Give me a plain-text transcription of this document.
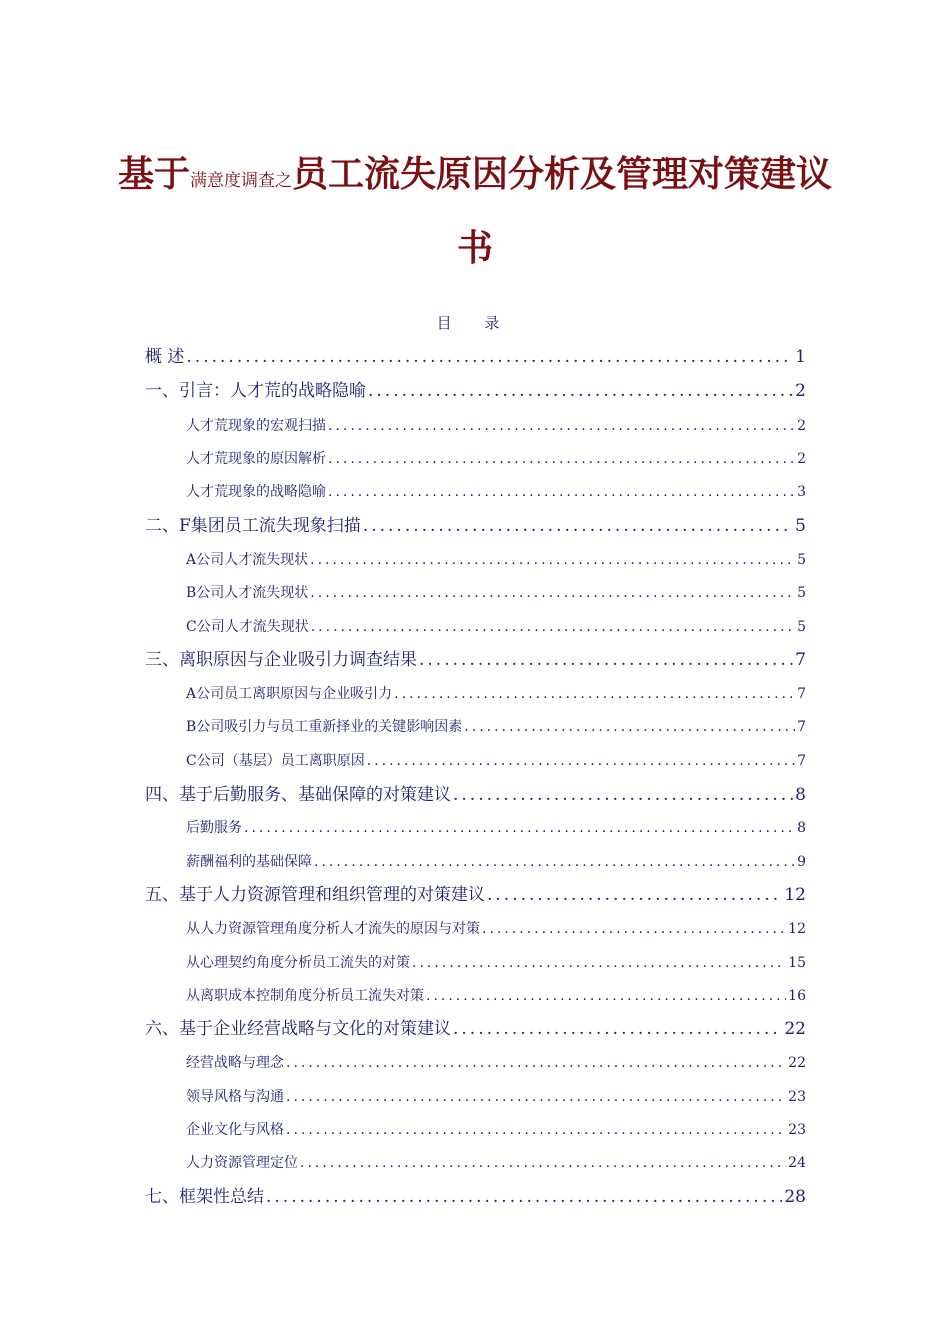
基于满意度调查之员工流失原因分析及管理对策建议
书
目 录
概 述 .....	1
一、引言：人才荒的战略隐喻 .....	2
人才荒现象的宏观扫描 .....	2
人才荒现象的原因解析 .....	2
人才荒现象的战略隐喻 .....	3
二、F集团员工流失现象扫描 .....	5
A公司人才流失现状 .....	5
B公司人才流失现状 .....	5
C公司人才流失现状 .....	5
三、离职原因与企业吸引力调查结果 .....	7
A公司员工离职原因与企业吸引力 .....	7
B公司吸引力与员工重新择业的关键影响因素 .....	7
C公司（基层）员工离职原因 .....	7
四、基于后勤服务、基础保障的对策建议 .....	8
后勤服务 .....	8
薪酬福利的基础保障 .....	9
五、基于人力资源管理和组织管理的对策建议 .....	12
从人力资源管理角度分析人才流失的原因与对策 .....	12
从心理契约角度分析员工流失的对策 .....	15
从离职成本控制角度分析员工流失对策 .....	16
六、基于企业经营战略与文化的对策建议 .....	22
经营战略与理念 .....	22
领导风格与沟通 .....	23
企业文化与风格 .....	23
人力资源管理定位 .....	24
七、框架性总结 .....	28
